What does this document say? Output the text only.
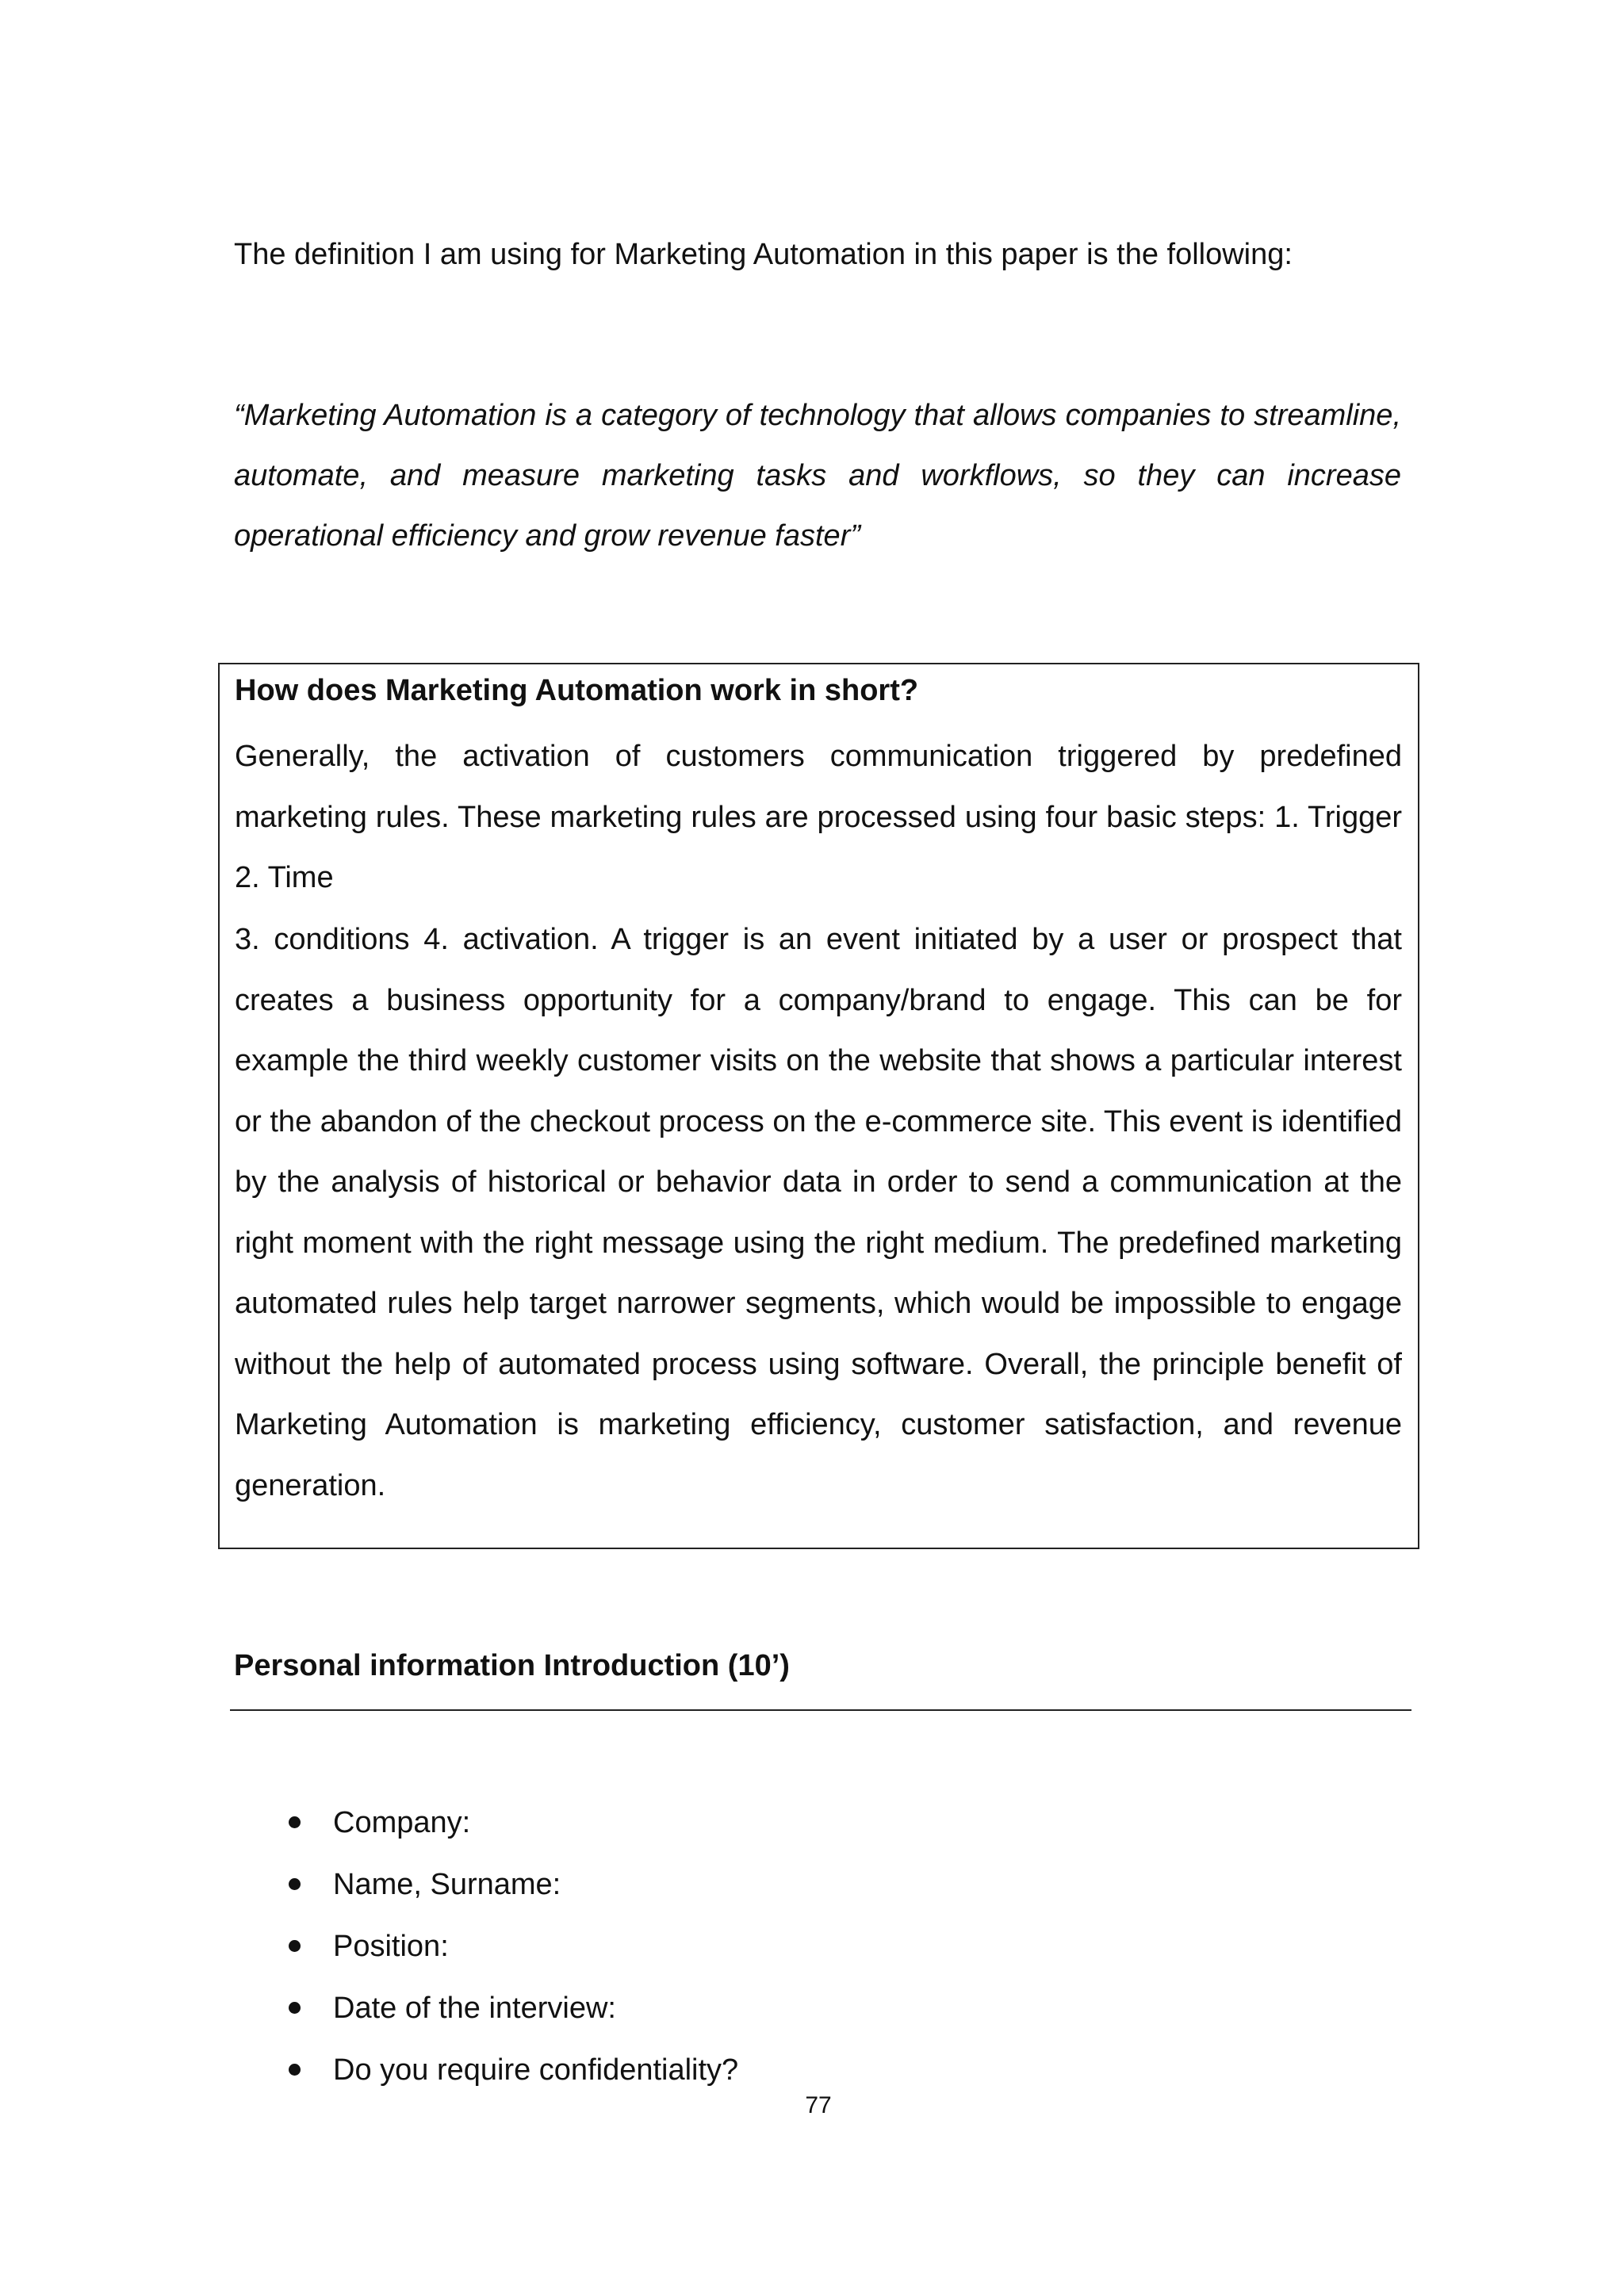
The definition I am using for Marketing Automation in this paper is the following:

“Marketing Automation is a category of technology that allows companies to streamline, automate, and measure marketing tasks and workflows, so they can increase operational efficiency and grow revenue faster”

How does Marketing Automation work in short?

Generally, the activation of customers communication triggered by predefined marketing rules. These marketing rules are processed using four basic steps: 1. Trigger 2. Time

3. conditions 4. activation. A trigger is an event initiated by a user or prospect that creates a business opportunity for a company/brand to engage. This can be for example the third weekly customer visits on the website that shows a particular interest or the abandon of the checkout process on the e-commerce site. This event is identified by the analysis of historical or behavior data in order to send a communication at the right moment with the right message using the right medium. The predefined marketing automated rules help target narrower segments, which would be impossible to engage without the help of automated process using software. Overall, the principle benefit of Marketing Automation is marketing efficiency, customer satisfaction, and revenue generation.

Personal information Introduction (10’)

Company:
Name, Surname:
Position:
Date of the interview:
Do you require confidentiality?

77
